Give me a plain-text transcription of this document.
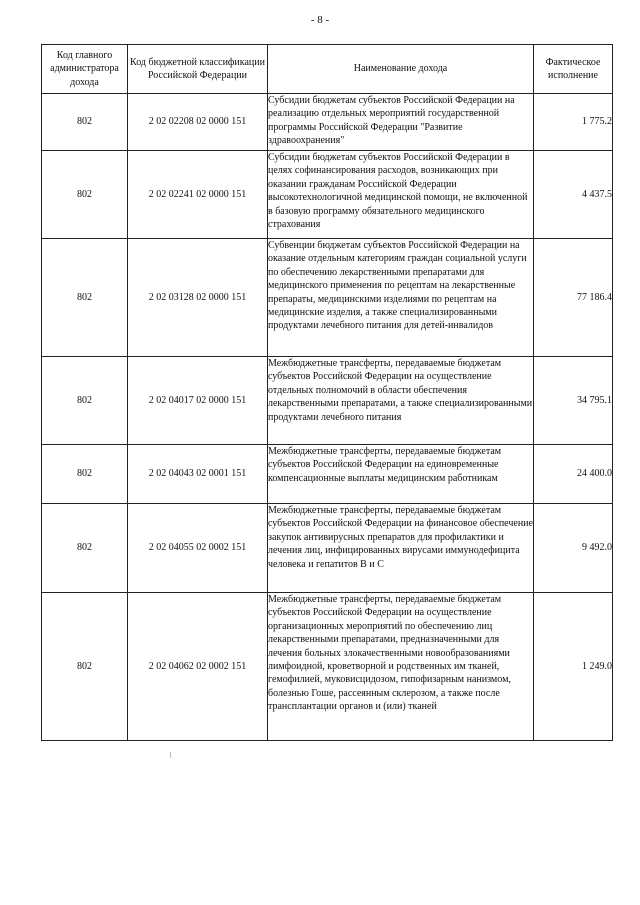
- 8 -
Код главного администратора дохода	Код бюджетной классификации Российской Федерации	Наименование дохода	Фактическое исполнение
802	2 02 02208 02 0000 151	Субсидии бюджетам субъектов Российской Федерации на реализацию отдельных мероприятий государственной программы Российской Федерации "Развитие здравоохранения"	1 775.2
802	2 02 02241 02 0000 151	Субсидии бюджетам субъектов Российской Федерации в целях софинансирования расходов, возникающих при оказании гражданам Российской Федерации высокотехнологичной медицинской помощи, не включенной в базовую программу обязательного медицинского страхования	4 437.5
802	2 02 03128 02 0000 151	Субвенции бюджетам субъектов Российской Федерации на оказание отдельным категориям граждан социальной услуги по обеспечению лекарственными препаратами для медицинского применения по рецептам на лекарственные препараты, медицинскими изделиями по рецептам на медицинские изделия, а также специализированными продуктами лечебного питания для детей-инвалидов	77 186.4
802	2 02 04017 02 0000 151	Межбюджетные трансферты, передаваемые бюджетам субъектов Российской Федерации на осуществление отдельных полномочий в области обеспечения лекарственными препаратами, а также специализированными продуктами лечебного питания	34 795.1
802	2 02 04043 02 0001 151	Межбюджетные трансферты, передаваемые бюджетам субъектов Российской Федерации на единовременные компенсационные выплаты медицинским работникам	24 400.0
802	2 02 04055 02 0002 151	Межбюджетные трансферты, передаваемые бюджетам субъектов Российской Федерации на финансовое обеспечение закупок антивирусных препаратов для профилактики и лечения лиц, инфицированных вирусами иммунодефицита человека и гепатитов В и С	9 492.0
802	2 02 04062 02 0002 151	Межбюджетные трансферты, передаваемые бюджетам субъектов Российской Федерации на осуществление организационных мероприятий по обеспечению лиц лекарственными препаратами, предназначенными для лечения больных злокачественными новообразованиями лимфоидной, кроветворной и родственных им тканей, гемофилией, муковисцидозом, гипофизарным нанизмом, болезнью Гоше, рассеянным склерозом, а также после трансплантации органов и (или) тканей	1 249.0
